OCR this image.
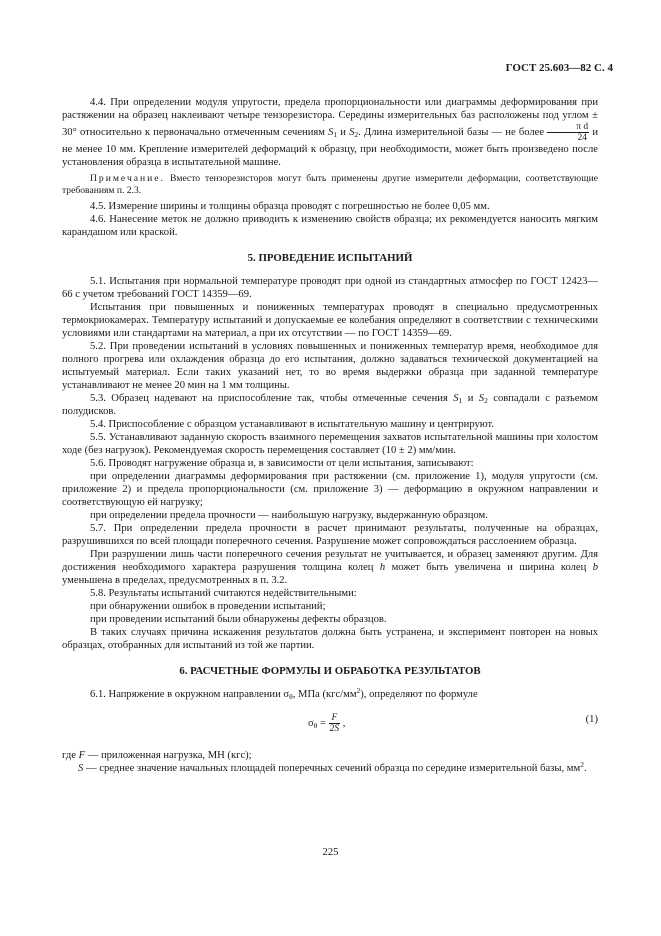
ГОСТ 25.603—82 С. 4

4.4. При определении модуля упругости, предела пропорциональности или диаграммы деформирования при растяжении на образец наклеивают четыре тензорезистора. Середины измерительных баз расположены под углом ± 30° относительно к первоначально отмеченным сечениям $S_1$ и $S_2$. Длина измерительной базы — не более $\frac{\text{π d}}{24}$ и не менее 10 мм. Крепление измерителей деформаций к образцу, при необходимости, может быть произведено после установления образца в испытательной машине.

Примечание. Вместо тензорезисторов могут быть применены другие измерители деформации, соответствующие требованиям п. 2.3.

4.5. Измерение ширины и толщины образца проводят с погрешностью не более 0,05 мм.

4.6. Нанесение меток не должно приводить к изменению свойств образца; их рекомендуется наносить мягким карандашом или краской.

5. ПРОВЕДЕНИЕ ИСПЫТАНИЙ

5.1. Испытания при нормальной температуре проводят при одной из стандартных атмосфер по ГОСТ 12423—66 с учетом требований ГОСТ 14359—69.

Испытания при повышенных и пониженных температурах проводят в специально предусмотренных термокриокамерах. Температуру испытаний и допускаемые ее колебания определяют в соответствии с техническими условиями или стандартами на материал, а при их отсутствии — по ГОСТ 14359—69.

5.2. При проведении испытаний в условиях повышенных и пониженных температур время, необходимое для полного прогрева или охлаждения образца до его испытания, должно задаваться технической документацией на испытуемый материал. Если таких указаний нет, то во время выдержки образца при заданной температуре устанавливают не менее 20 мин на 1 мм толщины.

5.3. Образец надевают на приспособление так, чтобы отмеченные сечения $S_1$ и $S_2$ совпадали с разъемом полудисков.

5.4. Приспособление с образцом устанавливают в испытательную машину и центрируют.

5.5. Устанавливают заданную скорость взаимного перемещения захватов испытательной машины при холостом ходе (без нагрузок). Рекомендуемая скорость перемещения составляет (10 ± 2) мм/мин.

5.6. Проводят нагружение образца и, в зависимости от цели испытания, записывают:

при определении диаграммы деформирования при растяжении (см. приложение 1), модуля упругости (см. приложение 2) и предела пропорциональности (см. приложение 3) — деформацию в окружном направлении и соответствующую ей нагрузку;

при определении предела прочности — наибольшую нагрузку, выдержанную образцом.

5.7. При определении предела прочности в расчет принимают результаты, полученные на образцах, разрушившихся по всей площади поперечного сечения. Разрушение может сопровождаться расслоением образца.

При разрушении лишь части поперечного сечения результат не учитывается, и образец заменяют другим. Для достижения необходимого характера разрушения толщина колец h может быть увеличена и ширина колец b уменьшена в пределах, предусмотренных в п. 3.2.

5.8. Результаты испытаний считаются недействительными:

при обнаружении ошибок в проведении испытаний;

при проведении испытаний были обнаружены дефекты образцов.

В таких случаях причина искажения результатов должна быть устранена, и эксперимент повторен на новых образцах, отобранных для испытаний из той же партии.

6. РАСЧЕТНЫЕ ФОРМУЛЫ И ОБРАБОТКА РЕЗУЛЬТАТОВ

6.1. Напряжение в окружном направлении $\sigma_\theta$, МПа $(кгс/мм^2)$, определяют по формуле

$\sigma_\theta = \frac{F}{2S}$ ,	(1)
где
F
— приложенная нагрузка, МН (кгс);
S — среднее значение начальных площадей поперечных сечений образца по середине измерительной базы, $мм^2$.
225
